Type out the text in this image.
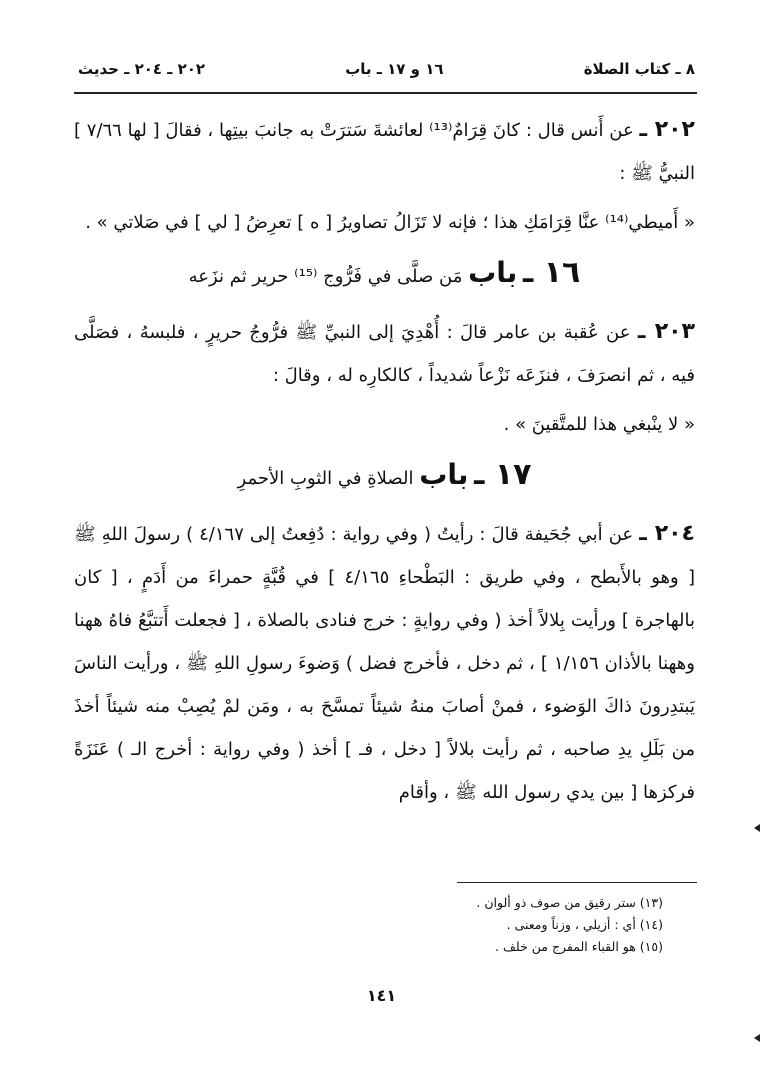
٨ ـ كتاب الصلاة
١٦ و ١٧ ـ باب
٢٠٢ ـ ٢٠٤ ـ حديث

٢٠٢ ـ عن أَنس قال : كانَ قِرَامٌ⁽¹³⁾ لعائشةَ سَترَتْ به جانبَ بيتِها ، فقالَ [ لها ٧/٦٦ ] النبيُّ ﷺ :

« أَميطي⁽¹⁴⁾ عنَّا قِرَامَكِ هذا ؛ فإنه لا تَزَالُ تصاويرُ [ ه ] تعرِضُ [ لي ] في صَلاتي » .

١٦ ـ باب مَن صلَّى في فَرُّوج ⁽¹⁵⁾ حرير ثم نزَعه

٢٠٣ ـ عن عُقبة بن عامر قالَ : أُهْدِيَ إلى النبيِّ ﷺ فرُّوجُ حريرٍ ، فلبسهُ ، فصَلَّى فيه ، ثم انصرَفَ ، فنزَعَه نَزْعاً شديداً ، كالكارِه له ، وقالَ :

« لا ينْبغي هذا للمتَّقينَ » .

١٧ ـ باب الصلاةِ في الثوبِ الأحمرِ

٢٠٤ ـ عن أبي جُحَيفة قالَ : رأيتُ ( وفي رواية : دُفِعتُ إلى ٤/١٦٧ ) رسولَ اللهِ ﷺ [ وهو بالأَبطح ، وفي طريق : البَطْحاءِ ٤/١٦٥ ] في قُبَّةٍ حمراءَ من أَدَمٍ ، [ كان بالهاجرة ] ورأيت بِلالاً أخذ ( وفي روايةٍ : خرج فنادى بالصلاة ، [ فجعلت أَتتبَّعُ فاهُ ههنا وههنا بالأذان ١/١٥٦ ] ، ثم دخل ، فأخرج فضل ) وَضوءَ رسولِ اللهِ ﷺ ، ورأيت الناسَ يَبتدِرونَ ذاكَ الوَضوء ، فمنْ أصابَ منهُ شيئاً تمسَّحَ به ، ومَن لمْ يُصِبْ منه شيئاً أخذَ من بَلَلِ يدِ صاحبه ، ثم رأيت بلالاً [ دخل ، فـ ] أخذ ( وفي رواية : أخرج الـ ) عَنَزَةً فركزها [ بين يدي رسول الله ﷺ ، وأقام

(١٣) ستر رقيق من صوف ذو ألوان .
(١٤) أي : أزيلي ، وزناً ومعنى .
(١٥) هو القباء المفرج من خلف .
١٤١
